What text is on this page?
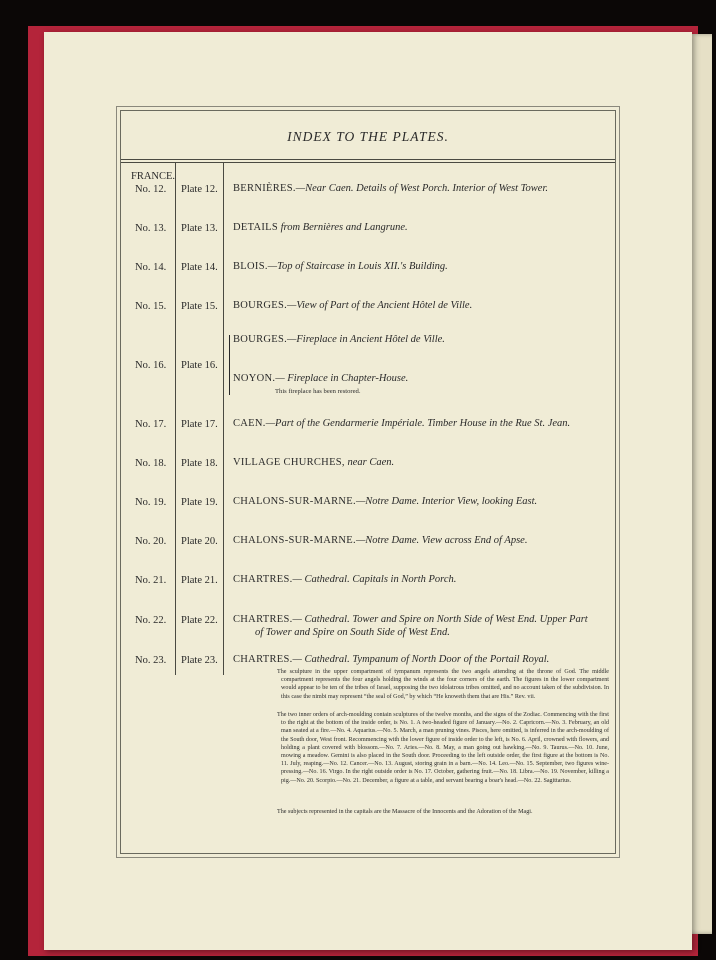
INDEX TO THE PLATES.
FRANCE.
No. 12. Plate 12. BERNIÈRES.—Near Caen. Details of West Porch. Interior of West Tower.
No. 13. Plate 13. DETAILS from Bernières and Langrune.
No. 14. Plate 14. BLOIS.—Top of Staircase in Louis XII.'s Building.
No. 15. Plate 15. BOURGES.—View of Part of the Ancient Hôtel de Ville.
No. 16. Plate 16.
BOURGES.—Fireplace in Ancient Hôtel de Ville.
NOYON.— Fireplace in Chapter-House.
This fireplace has been restored.
No. 17. Plate 17. CAEN.—Part of the Gendarmerie Impériale. Timber House in the Rue St. Jean.
No. 18. Plate 18. VILLAGE CHURCHES, near Caen.
No. 19. Plate 19. CHALONS-SUR-MARNE.—Notre Dame. Interior View, looking East.
No. 20. Plate 20. CHALONS-SUR-MARNE.—Notre Dame. View across End of Apse.
No. 21. Plate 21. CHARTRES.— Cathedral. Capitals in North Porch.
No. 22. Plate 22. CHARTRES.— Cathedral. Tower and Spire on North Side of West End. Upper Part
of Tower and Spire on South Side of West End.
No. 23. Plate 23. CHARTRES.— Cathedral. Tympanum of North Door of the Portail Royal.
The sculpture in the upper compartment of tympanum represents the two angels attending at the throne of God. The middle compartment represents the four angels holding the winds at the four corners of the earth. The figures in the lower compartment would appear to be ten of the tribes of Israel, supposing the two idolatrous tribes omitted, and no account taken of the subdivision. In this case the nimbi may represent “the seal of God,” by which “He knoweth them that are His.” Rev. vii.
The two inner orders of arch-moulding contain sculptures of the twelve months, and the signs of the Zodiac. Commencing with the first to the right at the bottom of the inside order, is No. 1. A two-headed figure of January.—No. 2. Capricorn.—No. 3. February, an old man seated at a fire.—No. 4. Aquarius.—No. 5. March, a man pruning vines. Pisces, here omitted, is inferred in the arch-moulding of the South door, West front. Recommencing with the lower figure of inside order to the left, is No. 6. April, crowned with flowers, and holding a plant covered with blossom.—No. 7. Aries.—No. 8. May, a man going out hawking.—No. 9. Taurus.—No. 10. June, mowing a meadow. Gemini is also placed in the South door. Proceeding to the left outside order, the first figure at the bottom is No. 11. July, reaping.—No. 12. Cancer.—No. 13. August, storing grain in a barn.—No. 14. Leo.—No. 15. September, two figures wine-pressing.—No. 16. Virgo. In the right outside order is No. 17. October, gathering fruit.—No. 18. Libra.—No. 19. November, killing a pig.—No. 20. Scorpio.—No. 21. December, a figure at a table, and servant bearing a boar's head.—No. 22. Sagittarius.
The subjects represented in the capitals are the Massacre of the Innocents and the Adoration of the Magi.
